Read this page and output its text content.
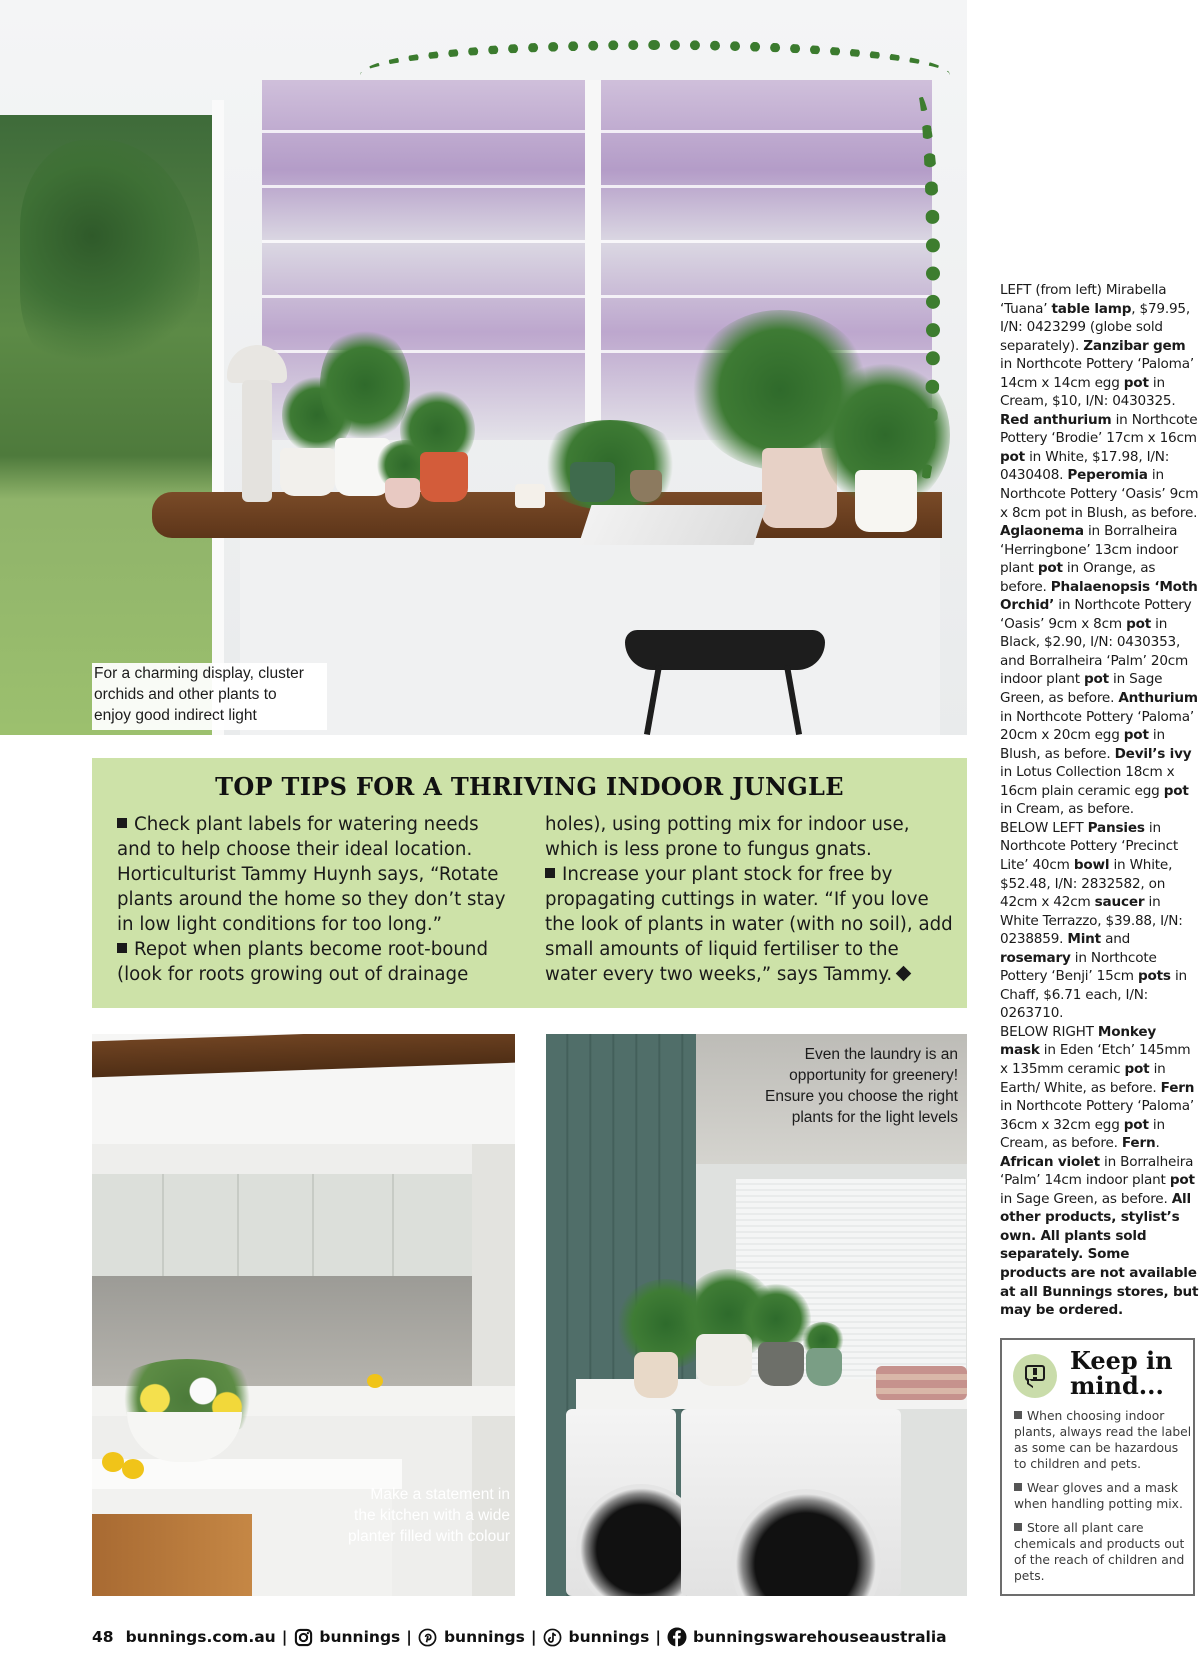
For a charming display, cluster
orchids and other plants to
enjoy good indirect light
TOP TIPS FOR A THRIVING INDOOR JUNGLE
Check plant labels for watering needs and to help choose their ideal location. Horticulturist Tammy Huynh says, “Rotate plants around the home so they don’t stay in low light conditions for too long.”
Repot when plants become root-bound (look for roots growing out of drainage
holes), using potting mix for indoor use, which is less prone to fungus gnats.
Increase your plant stock for free by propagating cuttings in water. “If you love the look of plants in water (with no soil), add small amounts of liquid fertiliser to the water every two weeks,” says Tammy.
Make a statement in
the kitchen with a wide
planter filled with colour
Even the laundry is an
opportunity for greenery!
Ensure you choose the right
plants for the light levels
LEFT (from left) Mirabella ‘Tuana’ table lamp, $79.95, I/N: 0423299 (globe sold separately). Zanzibar gem in Northcote Pottery ‘Paloma’ 14cm x 14cm egg pot in Cream, $10, I/N: 0430325. Red anthurium in Northcote Pottery ‘Brodie’ 17cm x 16cm pot in White, $17.98, I/N: 0430408. Peperomia in Northcote Pottery ‘Oasis’ 9cm x 8cm pot in Blush, as before. Aglaonema in Borralheira ‘Herringbone’ 13cm indoor plant pot in Orange, as before. Phalaenopsis ‘Moth Orchid’ in Northcote Pottery ‘Oasis’ 9cm x 8cm pot in Black, $2.90, I/N: 0430353, and Borralheira ‘Palm’ 20cm indoor plant pot in Sage Green, as before. Anthurium in Northcote Pottery ‘Paloma’ 20cm x 20cm egg pot in Blush, as before. Devil’s ivy in Lotus Collection 18cm x 16cm plain ceramic egg pot in Cream, as before.
BELOW LEFT Pansies in Northcote Pottery ‘Precinct Lite’ 40cm bowl in White, $52.48, I/N: 2832582, on 42cm x 42cm saucer in White Terrazzo, $39.88, I/N: 0238859. Mint and rosemary in Northcote Pottery ‘Benji’ 15cm pots in Chaff, $6.71 each, I/N: 0263710.
BELOW RIGHT Monkey mask in Eden ‘Etch’ 145mm x 135mm ceramic pot in Earth/ White, as before. Fern in Northcote Pottery ‘Paloma’ 36cm x 32cm egg pot in Cream, as before. Fern. African violet in Borralheira ‘Palm’ 14cm indoor plant pot in Sage Green, as before. All other products, stylist’s own. All plants sold separately. Some products are not available at all Bunnings stores, but may be ordered.
Keep in mind...
When choosing indoor plants, always read the label as some can be hazardous to children and pets.
Wear gloves and a mask when handling potting mix.
Store all plant care chemicals and products out of the reach of children and pets.
48 bunnings.com.au | bunnings | bunnings | bunnings | bunningswarehouseaustralia
